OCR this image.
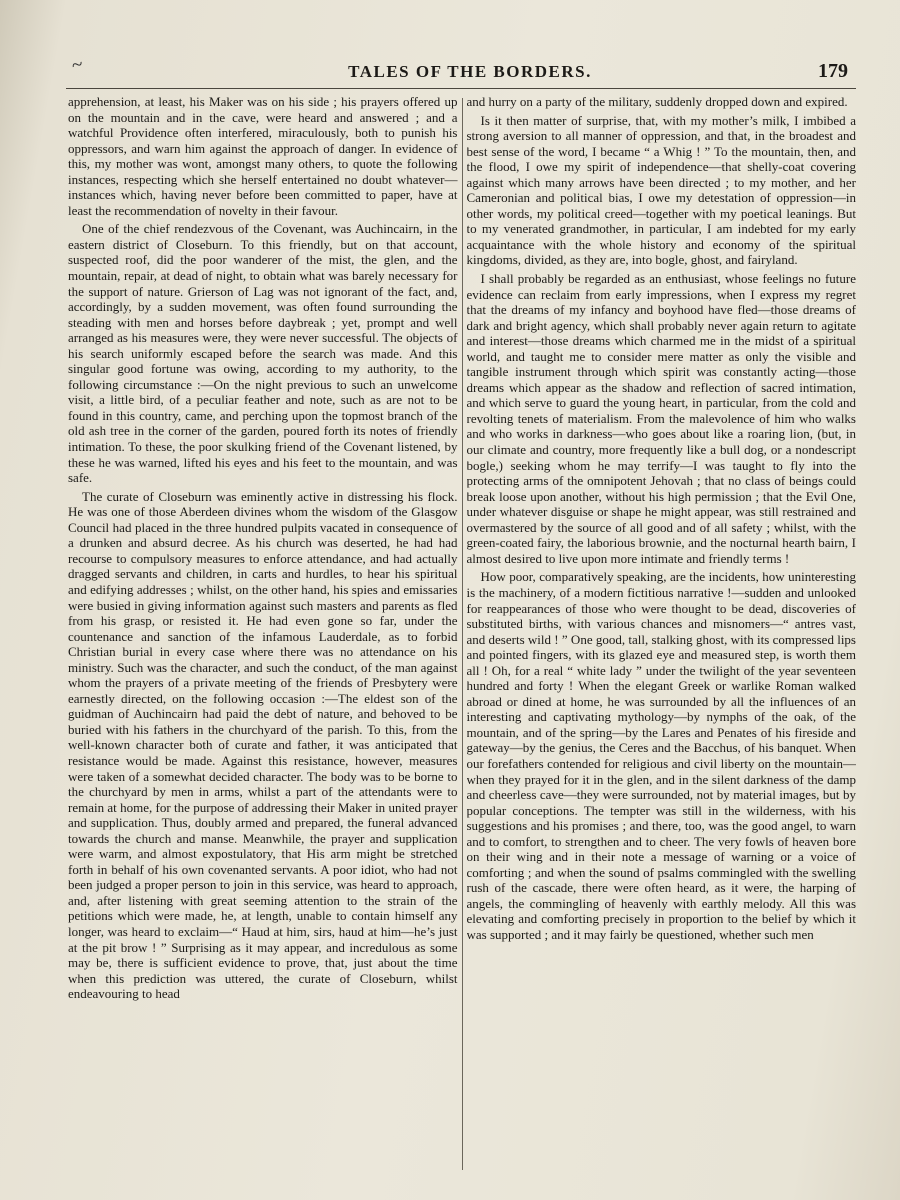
~	TALES OF THE BORDERS.	179

apprehension, at least, his Maker was on his side ; his prayers offered up on the mountain and in the cave, were heard and answered ; and a watchful Providence often interfered, miraculously, both to punish his oppressors, and warn him against the approach of danger. In evidence of this, my mother was wont, amongst many others, to quote the following instances, respecting which she herself entertained no doubt whatever—instances which, having never before been committed to paper, have at least the recommendation of novelty in their favour.

One of the chief rendezvous of the Covenant, was Auchincairn, in the eastern district of Closeburn. To this friendly, but on that account, suspected roof, did the poor wanderer of the mist, the glen, and the mountain, repair, at dead of night, to obtain what was barely necessary for the support of nature. Grierson of Lag was not ignorant of the fact, and, accordingly, by a sudden movement, was often found surrounding the steading with men and horses before daybreak ; yet, prompt and well arranged as his measures were, they were never successful. The objects of his search uniformly escaped before the search was made. And this singular good fortune was owing, according to my authority, to the following circumstance :—On the night previous to such an unwelcome visit, a little bird, of a peculiar feather and note, such as are not to be found in this country, came, and perching upon the topmost branch of the old ash tree in the corner of the garden, poured forth its notes of friendly intimation. To these, the poor skulking friend of the Covenant listened, by these he was warned, lifted his eyes and his feet to the mountain, and was safe.

The curate of Closeburn was eminently active in distressing his flock. He was one of those Aberdeen divines whom the wisdom of the Glasgow Council had placed in the three hundred pulpits vacated in consequence of a drunken and absurd decree. As his church was deserted, he had had recourse to compulsory measures to enforce attendance, and had actually dragged servants and children, in carts and hurdles, to hear his spiritual and edifying addresses ; whilst, on the other hand, his spies and emissaries were busied in giving information against such masters and parents as fled from his grasp, or resisted it. He had even gone so far, under the countenance and sanction of the infamous Lauderdale, as to forbid Christian burial in every case where there was no attendance on his ministry. Such was the character, and such the conduct, of the man against whom the prayers of a private meeting of the friends of Presbytery were earnestly directed, on the following occasion :—The eldest son of the guidman of Auchincairn had paid the debt of nature, and behoved to be buried with his fathers in the churchyard of the parish. To this, from the well-known character both of curate and father, it was anticipated that resistance would be made. Against this resistance, however, measures were taken of a somewhat decided character. The body was to be borne to the churchyard by men in arms, whilst a part of the attendants were to remain at home, for the purpose of addressing their Maker in united prayer and supplication. Thus, doubly armed and prepared, the funeral advanced towards the church and manse. Meanwhile, the prayer and supplication were warm, and almost expostulatory, that His arm might be stretched forth in behalf of his own covenanted servants. A poor idiot, who had not been judged a proper person to join in this service, was heard to approach, and, after listening with great seeming attention to the strain of the petitions which were made, he, at length, unable to contain himself any longer, was heard to exclaim—“ Haud at him, sirs, haud at him—he’s just at the pit brow ! ” Surprising as it may appear, and incredulous as some may be, there is sufficient evidence to prove, that, just about the time when this prediction was uttered, the curate of Closeburn, whilst endeavouring to head

and hurry on a party of the military, suddenly dropped down and expired.

Is it then matter of surprise, that, with my mother’s milk, I imbibed a strong aversion to all manner of oppression, and that, in the broadest and best sense of the word, I became “ a Whig ! ” To the mountain, then, and the flood, I owe my spirit of independence—that shelly-coat covering against which many arrows have been directed ; to my mother, and her Cameronian and political bias, I owe my detestation of oppression—in other words, my political creed—together with my poetical leanings. But to my venerated grandmother, in particular, I am indebted for my early acquaintance with the whole history and economy of the spiritual kingdoms, divided, as they are, into bogle, ghost, and fairyland.

I shall probably be regarded as an enthusiast, whose feelings no future evidence can reclaim from early impressions, when I express my regret that the dreams of my infancy and boyhood have fled—those dreams of dark and bright agency, which shall probably never again return to agitate and interest—those dreams which charmed me in the midst of a spiritual world, and taught me to consider mere matter as only the visible and tangible instrument through which spirit was constantly acting—those dreams which appear as the shadow and reflection of sacred intimation, and which serve to guard the young heart, in particular, from the cold and revolting tenets of materialism. From the malevolence of him who walks and who works in darkness—who goes about like a roaring lion, (but, in our climate and country, more frequently like a bull dog, or a nondescript bogle,) seeking whom he may terrify—I was taught to fly into the protecting arms of the omnipotent Jehovah ; that no class of beings could break loose upon another, without his high permission ; that the Evil One, under whatever disguise or shape he might appear, was still restrained and overmastered by the source of all good and of all safety ; whilst, with the green-coated fairy, the laborious brownie, and the nocturnal hearth bairn, I almost desired to live upon more intimate and friendly terms !

How poor, comparatively speaking, are the incidents, how uninteresting is the machinery, of a modern fictitious narrative !—sudden and unlooked for reappearances of those who were thought to be dead, discoveries of substituted births, with various chances and misnomers—“ antres vast, and deserts wild ! ” One good, tall, stalking ghost, with its compressed lips and pointed fingers, with its glazed eye and measured step, is worth them all ! Oh, for a real “ white lady ” under the twilight of the year seventeen hundred and forty ! When the elegant Greek or warlike Roman walked abroad or dined at home, he was surrounded by all the influences of an interesting and captivating mythology—by nymphs of the oak, of the mountain, and of the spring—by the Lares and Penates of his fireside and gateway—by the genius, the Ceres and the Bacchus, of his banquet. When our forefathers contended for religious and civil liberty on the mountain—when they prayed for it in the glen, and in the silent darkness of the damp and cheerless cave—they were surrounded, not by material images, but by popular conceptions. The tempter was still in the wilderness, with his suggestions and his promises ; and there, too, was the good angel, to warn and to comfort, to strengthen and to cheer. The very fowls of heaven bore on their wing and in their note a message of warning or a voice of comforting ; and when the sound of psalms commingled with the swelling rush of the cascade, there were often heard, as it were, the harping of angels, the commingling of heavenly with earthly melody. All this was elevating and comforting precisely in proportion to the belief by which it was supported ; and it may fairly be questioned, whether such men
